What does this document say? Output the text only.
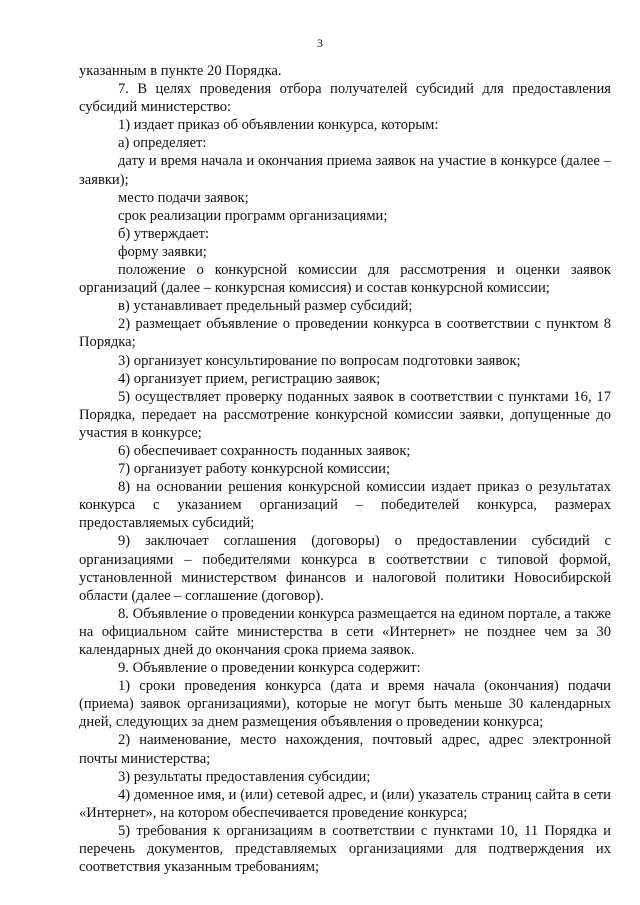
3

указанным в пункте 20 Порядка.

7. В целях проведения отбора получателей субсидий для предоставления субсидий министерство:

1) издает приказ об объявлении конкурса, которым:

а) определяет:

дату и время начала и окончания приема заявок на участие в конкурсе (далее – заявки);

место подачи заявок;

срок реализации программ организациями;

б) утверждает:

форму заявки;

положение о конкурсной комиссии для рассмотрения и оценки заявок организаций (далее – конкурсная комиссия) и состав конкурсной комиссии;

в) устанавливает предельный размер субсидий;

2) размещает объявление о проведении конкурса в соответствии с пунктом 8 Порядка;

3) организует консультирование по вопросам подготовки заявок;

4) организует прием, регистрацию заявок;

5) осуществляет проверку поданных заявок в соответствии с пунктами 16, 17 Порядка, передает на рассмотрение конкурсной комиссии заявки, допущенные до участия в конкурсе;

6) обеспечивает сохранность поданных заявок;

7) организует работу конкурсной комиссии;

8) на основании решения конкурсной комиссии издает приказ о результатах конкурса с указанием организаций – победителей конкурса, размерах предоставляемых субсидий;

9) заключает соглашения (договоры) о предоставлении субсидий с организациями – победителями конкурса в соответствии с типовой формой, установленной министерством финансов и налоговой политики Новосибирской области (далее – соглашение (договор).

8. Объявление о проведении конкурса размещается на едином портале, а также на официальном сайте министерства в сети «Интернет» не позднее чем за 30 календарных дней до окончания срока приема заявок.

9. Объявление о проведении конкурса содержит:

1) сроки проведения конкурса (дата и время начала (окончания) подачи (приема) заявок организациями), которые не могут быть меньше 30 календарных дней, следующих за днем размещения объявления о проведении конкурса;

2) наименование, место нахождения, почтовый адрес, адрес электронной почты министерства;

3) результаты предоставления субсидии;

4) доменное имя, и (или) сетевой адрес, и (или) указатель страниц сайта в сети «Интернет», на котором обеспечивается проведение конкурса;

5) требования к организациям в соответствии с пунктами 10, 11 Порядка и перечень документов, представляемых организациями для подтверждения их соответствия указанным требованиям;
